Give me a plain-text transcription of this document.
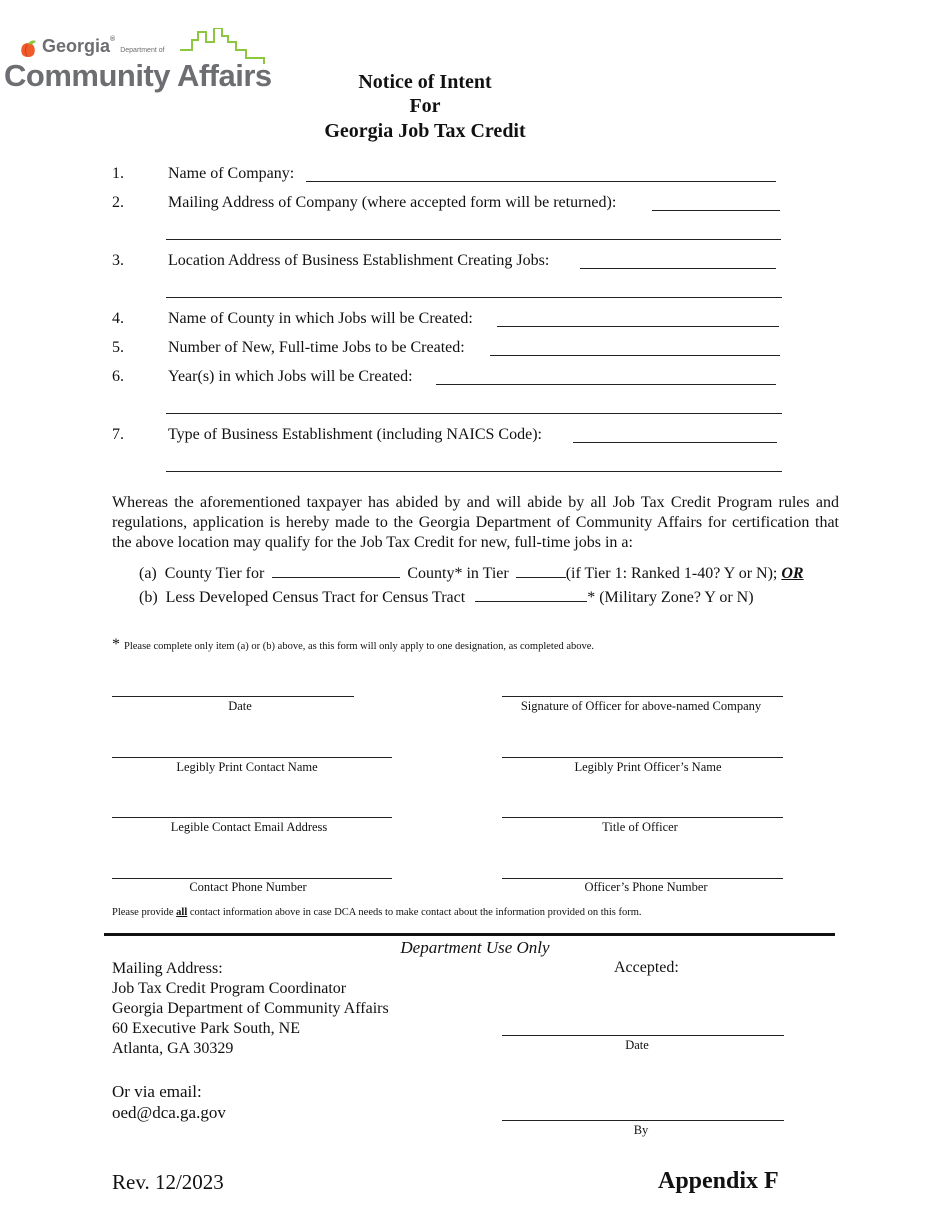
Georgia® Department of
Community Affairs	Notice of Intent
For
Georgia Job Tax Credit
1.	Name of Company:
2.	Mailing Address of Company (where accepted form will be returned):
3.	Location Address of Business Establishment Creating Jobs:
4.	Name of County in which Jobs will be Created:
5.	Number of New, Full-time Jobs to be Created:
6.	Year(s) in which Jobs will be Created:
7.	Type of Business Establishment (including NAICS Code):
Whereas the aforementioned taxpayer has abided by and will abide by all Job Tax Credit Program rules and regulations, application is hereby made to the Georgia Department of Community Affairs for certification that the above location may qualify for the Job Tax Credit for new, full-time jobs in a:
(a) County Tier for	County* in Tier	(if Tier 1: Ranked 1-40? Y or N); OR
(b) Less Developed Census Tract for Census Tract	* (Military Zone? Y or N)
* Please complete only item (a) or (b) above, as this form will only apply to one designation, as completed above.
Date	Signature of Officer for above-named Company
Legibly Print Contact Name	Legibly Print Officer’s Name
Legible Contact Email Address	Title of Officer
Contact Phone Number	Officer’s Phone Number
Please provide all contact information above in case DCA needs to make contact about the information provided on this form.
Department Use Only
Mailing Address:
Job Tax Credit Program Coordinator
Georgia Department of Community Affairs
60 Executive Park South, NE
Atlanta, GA 30329
Or via email:
oed@dca.ga.gov
Accepted:
Date
By
Rev. 12/2023	Appendix F
